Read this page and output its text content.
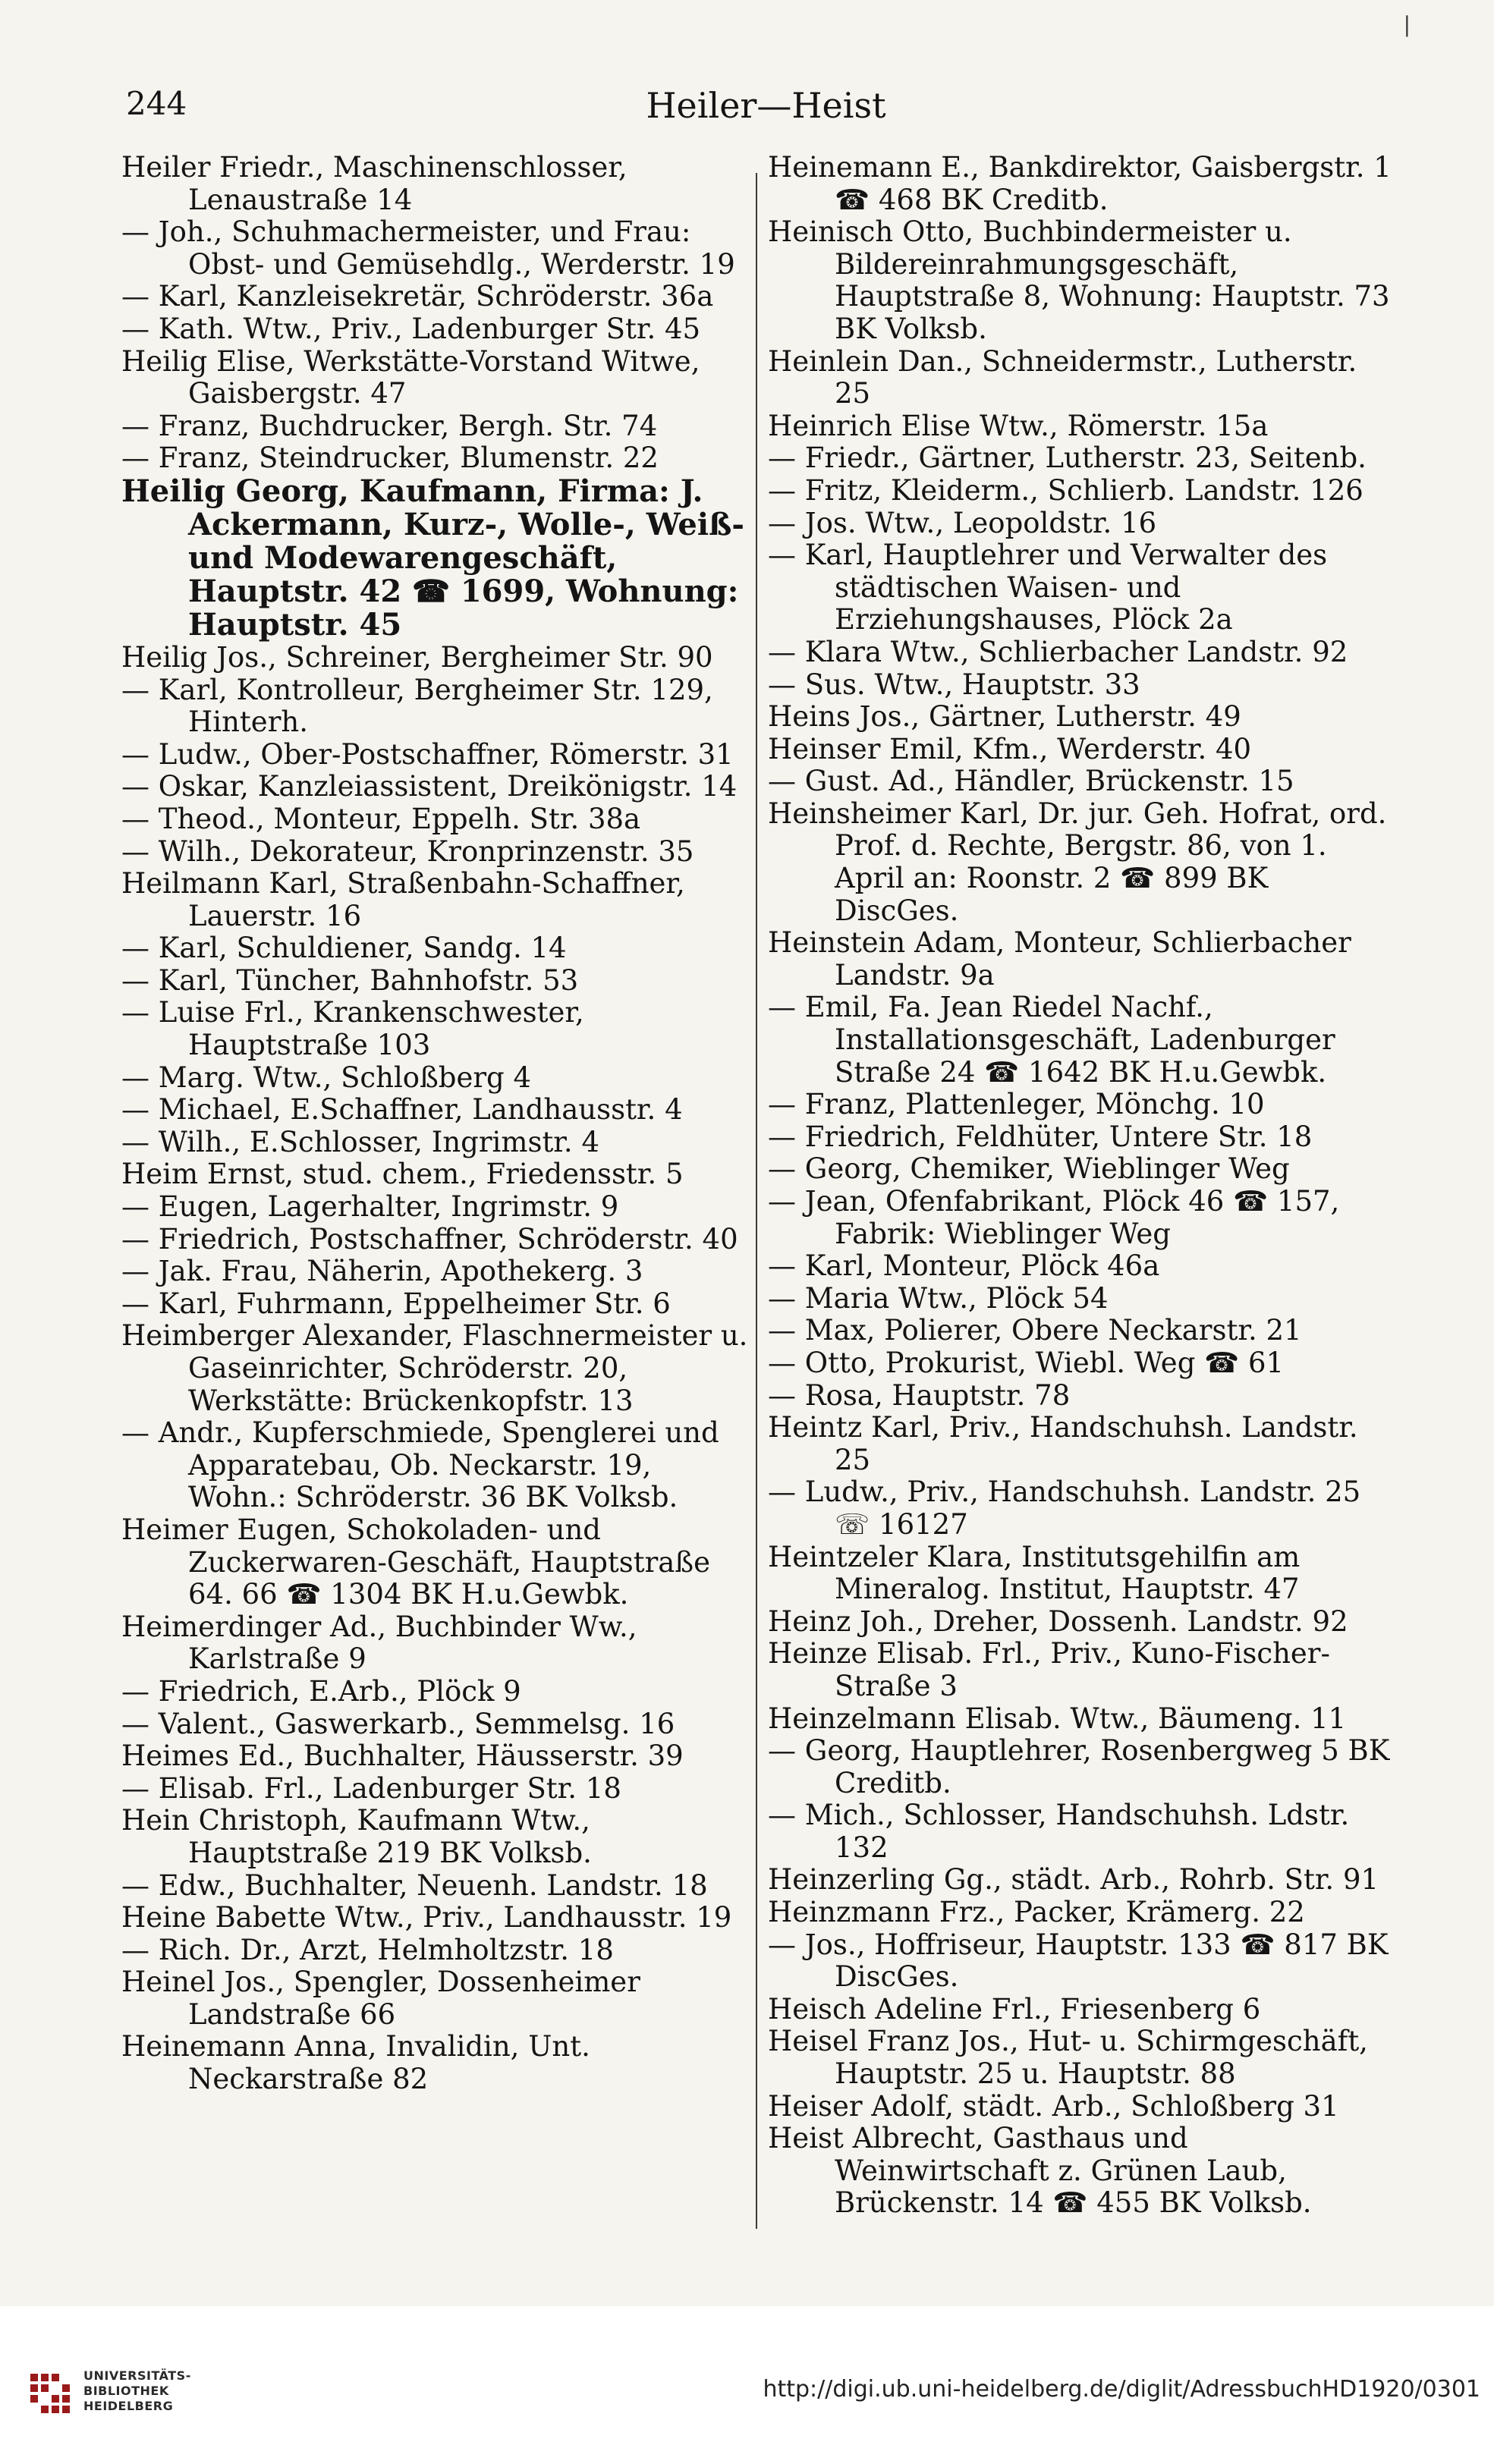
244	Heiler—Heist
|
Heiler Friedr., Maschinenschlosser, Lenaustraße 14
— Joh., Schuhmachermeister, und Frau: Obst- und Gemüsehdlg., Werderstr. 19
— Karl, Kanzleisekretär, Schröderstr. 36a
— Kath. Wtw., Priv., Ladenburger Str. 45
Heilig Elise, Werkstätte-Vorstand Witwe, Gaisbergstr. 47
— Franz, Buchdrucker, Bergh. Str. 74
— Franz, Steindrucker, Blumenstr. 22
Heilig Georg, Kaufmann, Firma: J. Ackermann, Kurz-, Wolle-, Weiß- und Modewarengeschäft, Hauptstr. 42 ☎ 1699, Wohnung: Hauptstr. 45
Heilig Jos., Schreiner, Bergheimer Str. 90
— Karl, Kontrolleur, Bergheimer Str. 129, Hinterh.
— Ludw., Ober-Postschaffner, Römerstr. 31
— Oskar, Kanzleiassistent, Dreikönigstr. 14
— Theod., Monteur, Eppelh. Str. 38a
— Wilh., Dekorateur, Kronprinzenstr. 35
Heilmann Karl, Straßenbahn-Schaffner, Lauerstr. 16
— Karl, Schuldiener, Sandg. 14
— Karl, Tüncher, Bahnhofstr. 53
— Luise Frl., Krankenschwester, Hauptstraße 103
— Marg. Wtw., Schloßberg 4
— Michael, E.Schaffner, Landhausstr. 4
— Wilh., E.Schlosser, Ingrimstr. 4
Heim Ernst, stud. chem., Friedensstr. 5
— Eugen, Lagerhalter, Ingrimstr. 9
— Friedrich, Postschaffner, Schröderstr. 40
— Jak. Frau, Näherin, Apothekerg. 3
— Karl, Fuhrmann, Eppelheimer Str. 6
Heimberger Alexander, Flaschnermeister u. Gaseinrichter, Schröderstr. 20, Werkstätte: Brückenkopfstr. 13
— Andr., Kupferschmiede, Spenglerei und Apparatebau, Ob. Neckarstr. 19, Wohn.: Schröderstr. 36 BK Volksb.
Heimer Eugen, Schokoladen- und Zuckerwaren-Geschäft, Hauptstraße 64. 66 ☎ 1304 BK H.u.Gewbk.
Heimerdinger Ad., Buchbinder Ww., Karlstraße 9
— Friedrich, E.Arb., Plöck 9
— Valent., Gaswerkarb., Semmelsg. 16
Heimes Ed., Buchhalter, Häusserstr. 39
— Elisab. Frl., Ladenburger Str. 18
Hein Christoph, Kaufmann Wtw., Hauptstraße 219 BK Volksb.
— Edw., Buchhalter, Neuenh. Landstr. 18
Heine Babette Wtw., Priv., Landhausstr. 19
— Rich. Dr., Arzt, Helmholtzstr. 18
Heinel Jos., Spengler, Dossenheimer Landstraße 66
Heinemann Anna, Invalidin, Unt. Neckarstraße 82
Heinemann E., Bankdirektor, Gaisbergstr. 1 ☎ 468 BK Creditb.
Heinisch Otto, Buchbindermeister u. Bildereinrahmungsgeschäft, Hauptstraße 8, Wohnung: Hauptstr. 73 BK Volksb.
Heinlein Dan., Schneidermstr., Lutherstr. 25
Heinrich Elise Wtw., Römerstr. 15a
— Friedr., Gärtner, Lutherstr. 23, Seitenb.
— Fritz, Kleiderm., Schlierb. Landstr. 126
— Jos. Wtw., Leopoldstr. 16
— Karl, Hauptlehrer und Verwalter des städtischen Waisen- und Erziehungshauses, Plöck 2a
— Klara Wtw., Schlierbacher Landstr. 92
— Sus. Wtw., Hauptstr. 33
Heins Jos., Gärtner, Lutherstr. 49
Heinser Emil, Kfm., Werderstr. 40
— Gust. Ad., Händler, Brückenstr. 15
Heinsheimer Karl, Dr. jur. Geh. Hofrat, ord. Prof. d. Rechte, Bergstr. 86, von 1. April an: Roonstr. 2 ☎ 899 BK DiscGes.
Heinstein Adam, Monteur, Schlierbacher Landstr. 9a
— Emil, Fa. Jean Riedel Nachf., Installationsgeschäft, Ladenburger Straße 24 ☎ 1642 BK H.u.Gewbk.
— Franz, Plattenleger, Mönchg. 10
— Friedrich, Feldhüter, Untere Str. 18
— Georg, Chemiker, Wieblinger Weg
— Jean, Ofenfabrikant, Plöck 46 ☎ 157, Fabrik: Wieblinger Weg
— Karl, Monteur, Plöck 46a
— Maria Wtw., Plöck 54
— Max, Polierer, Obere Neckarstr. 21
— Otto, Prokurist, Wiebl. Weg ☎ 61
— Rosa, Hauptstr. 78
Heintz Karl, Priv., Handschuhsh. Landstr. 25
— Ludw., Priv., Handschuhsh. Landstr. 25 ☏ 16127
Heintzeler Klara, Institutsgehilfin am Mineralog. Institut, Hauptstr. 47
Heinz Joh., Dreher, Dossenh. Landstr. 92
Heinze Elisab. Frl., Priv., Kuno-Fischer-Straße 3
Heinzelmann Elisab. Wtw., Bäumeng. 11
— Georg, Hauptlehrer, Rosenbergweg 5 BK Creditb.
— Mich., Schlosser, Handschuhsh. Ldstr. 132
Heinzerling Gg., städt. Arb., Rohrb. Str. 91
Heinzmann Frz., Packer, Krämerg. 22
— Jos., Hoffriseur, Hauptstr. 133 ☎ 817 BK DiscGes.
Heisch Adeline Frl., Friesenberg 6
Heisel Franz Jos., Hut- u. Schirmgeschäft, Hauptstr. 25 u. Hauptstr. 88
Heiser Adolf, städt. Arb., Schloßberg 31
Heist Albrecht, Gasthaus und Weinwirtschaft z. Grünen Laub, Brückenstr. 14 ☎ 455 BK Volksb.
UNIVERSITÄTS-
BIBLIOTHEK
HEIDELBERG
http://digi.ub.uni-heidelberg.de/diglit/AdressbuchHD1920/0301
